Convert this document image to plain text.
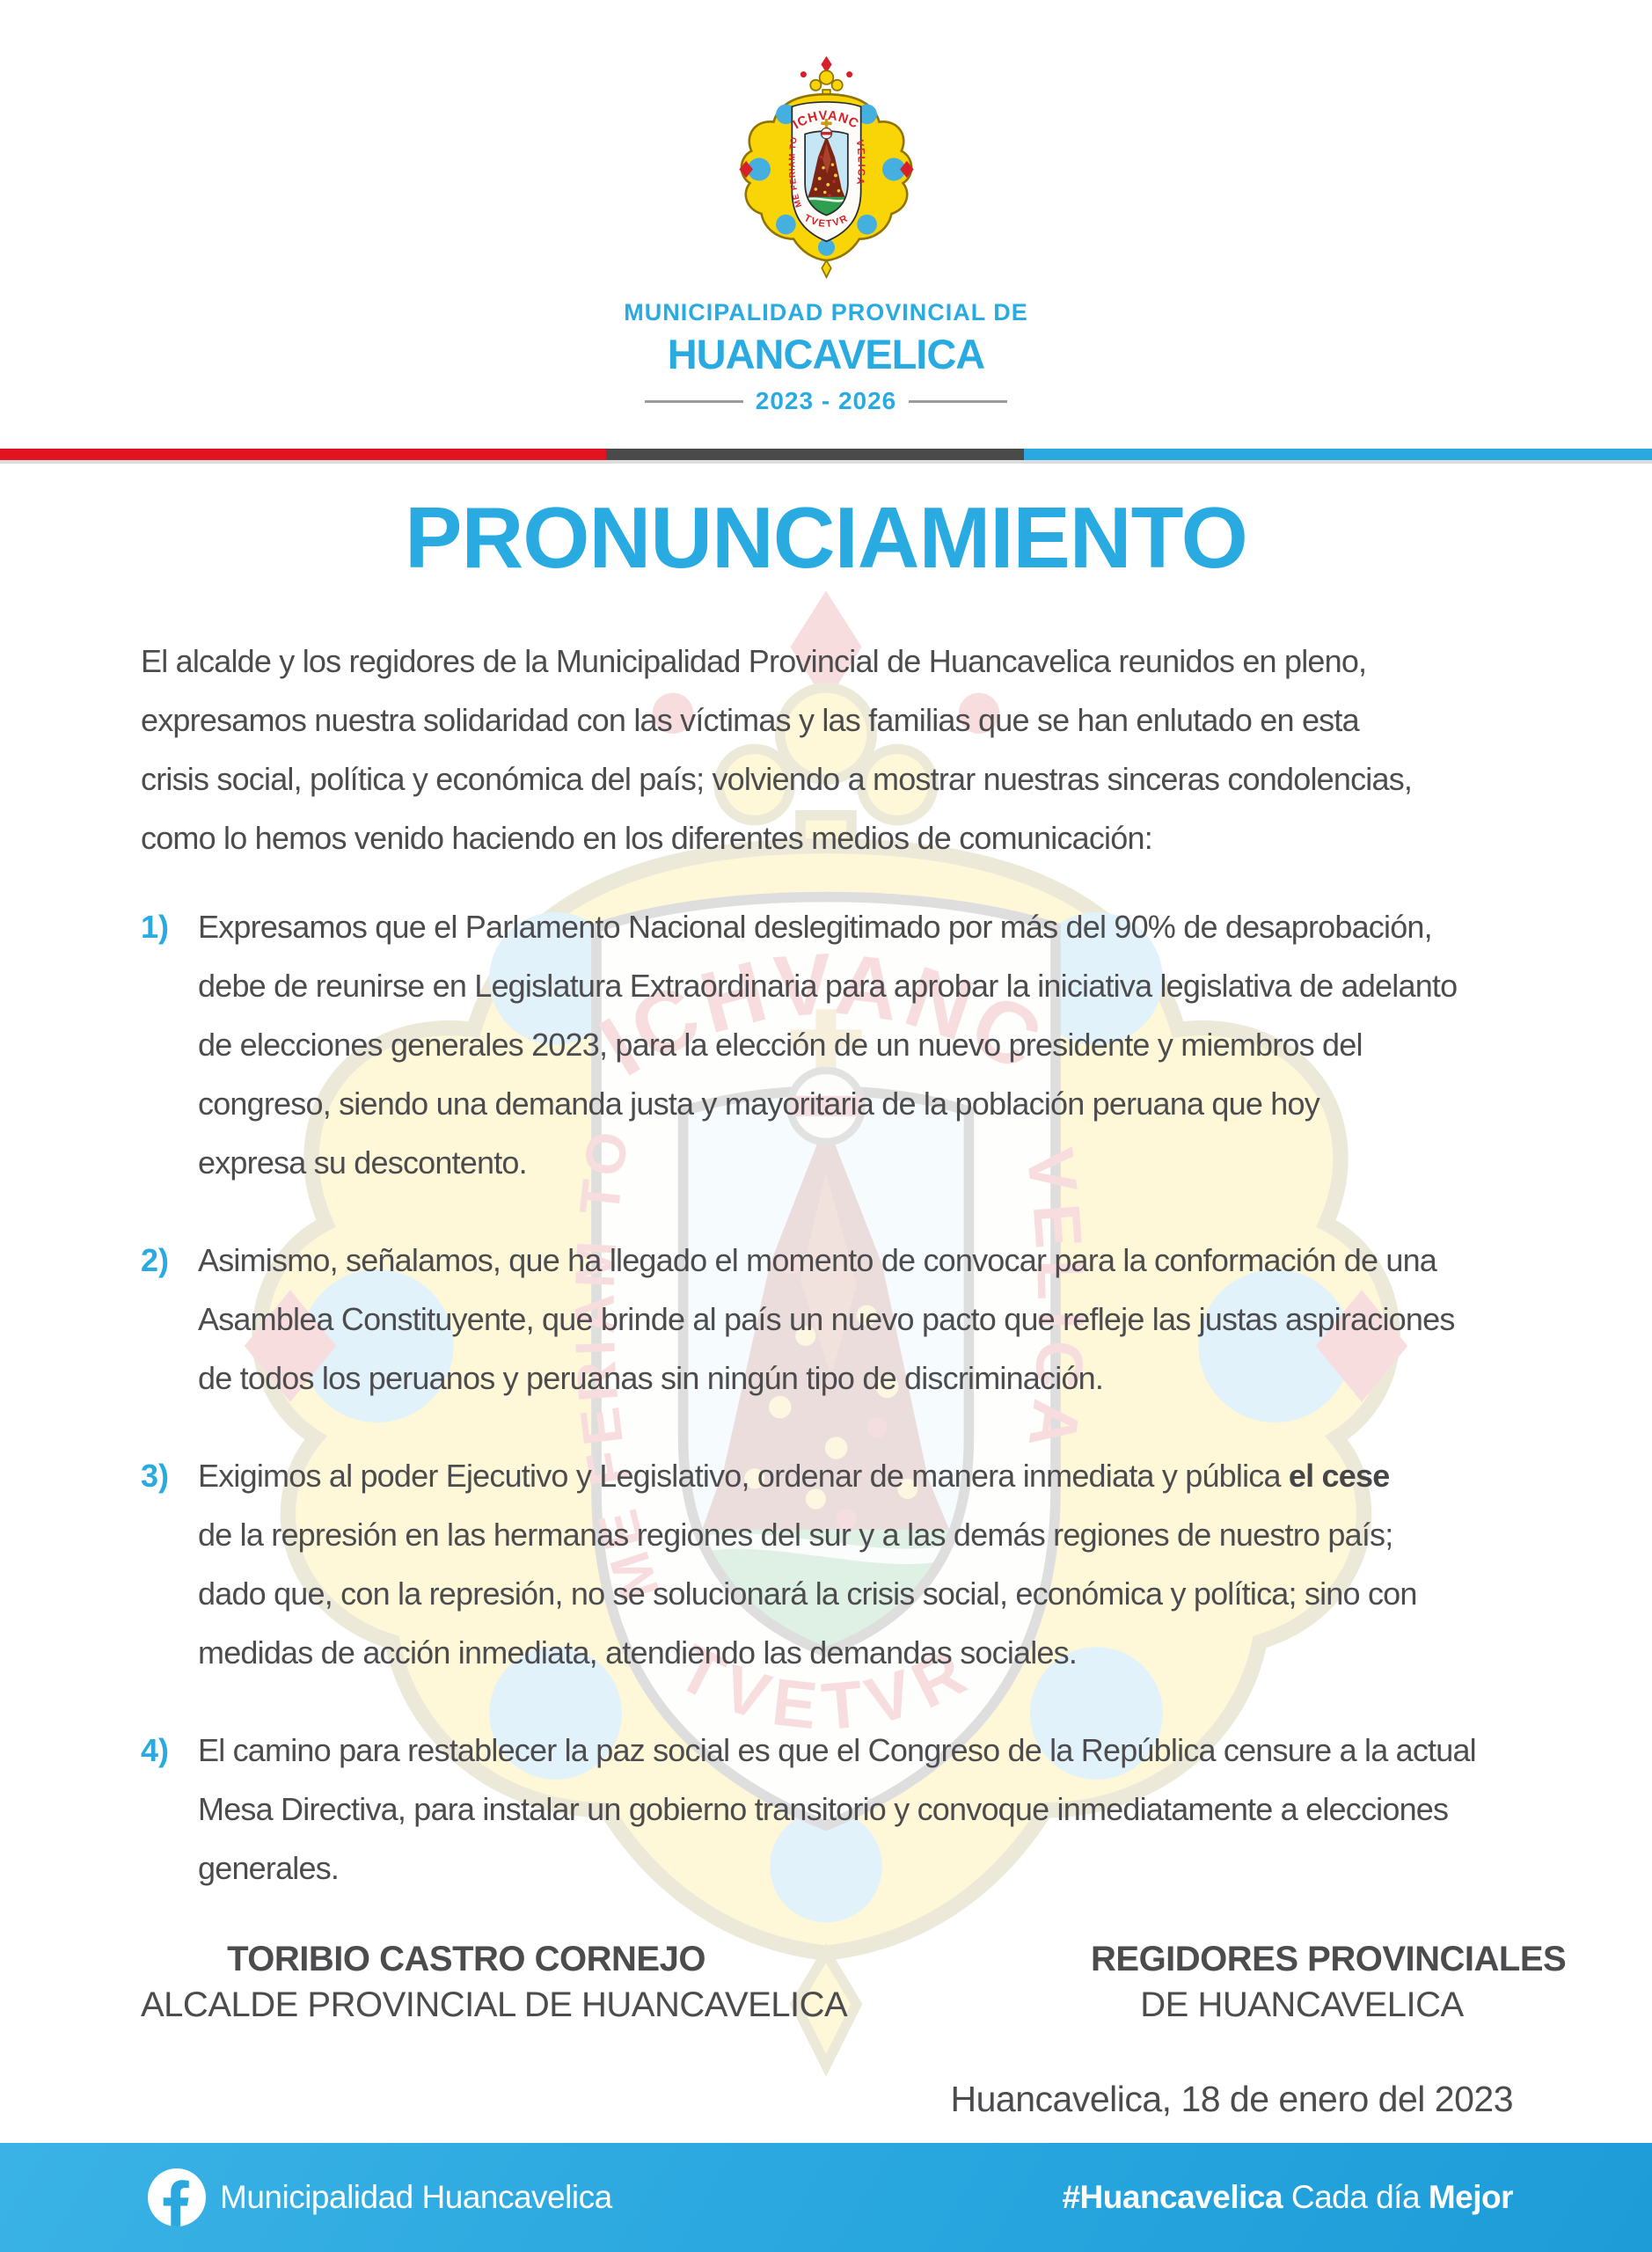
MUNICIPALIDAD PROVINCIAL DE
HUANCAVELICA
2023 - 2026
PRONUNCIAMIENTO
El alcalde y los regidores de la Municipalidad Provincial de Huancavelica reunidos en pleno,
expresamos nuestra solidaridad con las víctimas y las familias que se han enlutado en esta
crisis social, política y económica del país; volviendo a mostrar nuestras sinceras condolencias,
como lo hemos venido haciendo en los diferentes medios de comunicación:
1) Expresamos que el Parlamento Nacional deslegitimado por más del 90% de desaprobación,
debe de reunirse en Legislatura Extraordinaria para aprobar la iniciativa legislativa de adelanto
de elecciones generales 2023, para la elección de un nuevo presidente y miembros del
congreso, siendo una demanda justa y mayoritaria de la población peruana que hoy
expresa su descontento.
2) Asimismo, señalamos, que ha llegado el momento de convocar para la conformación de una
Asamblea Constituyente, que brinde al país un nuevo pacto que refleje las justas aspiraciones
de todos los peruanos y peruanas sin ningún tipo de discriminación.
3) Exigimos al poder Ejecutivo y Legislativo, ordenar de manera inmediata y pública el cese
de la represión en las hermanas regiones del sur y a las demás regiones de nuestro país;
dado que, con la represión, no se solucionará la crisis social, económica y política; sino con
medidas de acción inmediata, atendiendo las demandas sociales.
4) El camino para restablecer la paz social es que el Congreso de la República censure a la actual
Mesa Directiva, para instalar un gobierno transitorio y convoque inmediatamente a elecciones
generales.
TORIBIO CASTRO CORNEJO
ALCALDE PROVINCIAL DE HUANCAVELICA
REGIDORES PROVINCIALES
DE HUANCAVELICA
Huancavelica, 18 de enero del 2023
Municipalidad Huancavelica	#Huancavelica Cada día Mejor
